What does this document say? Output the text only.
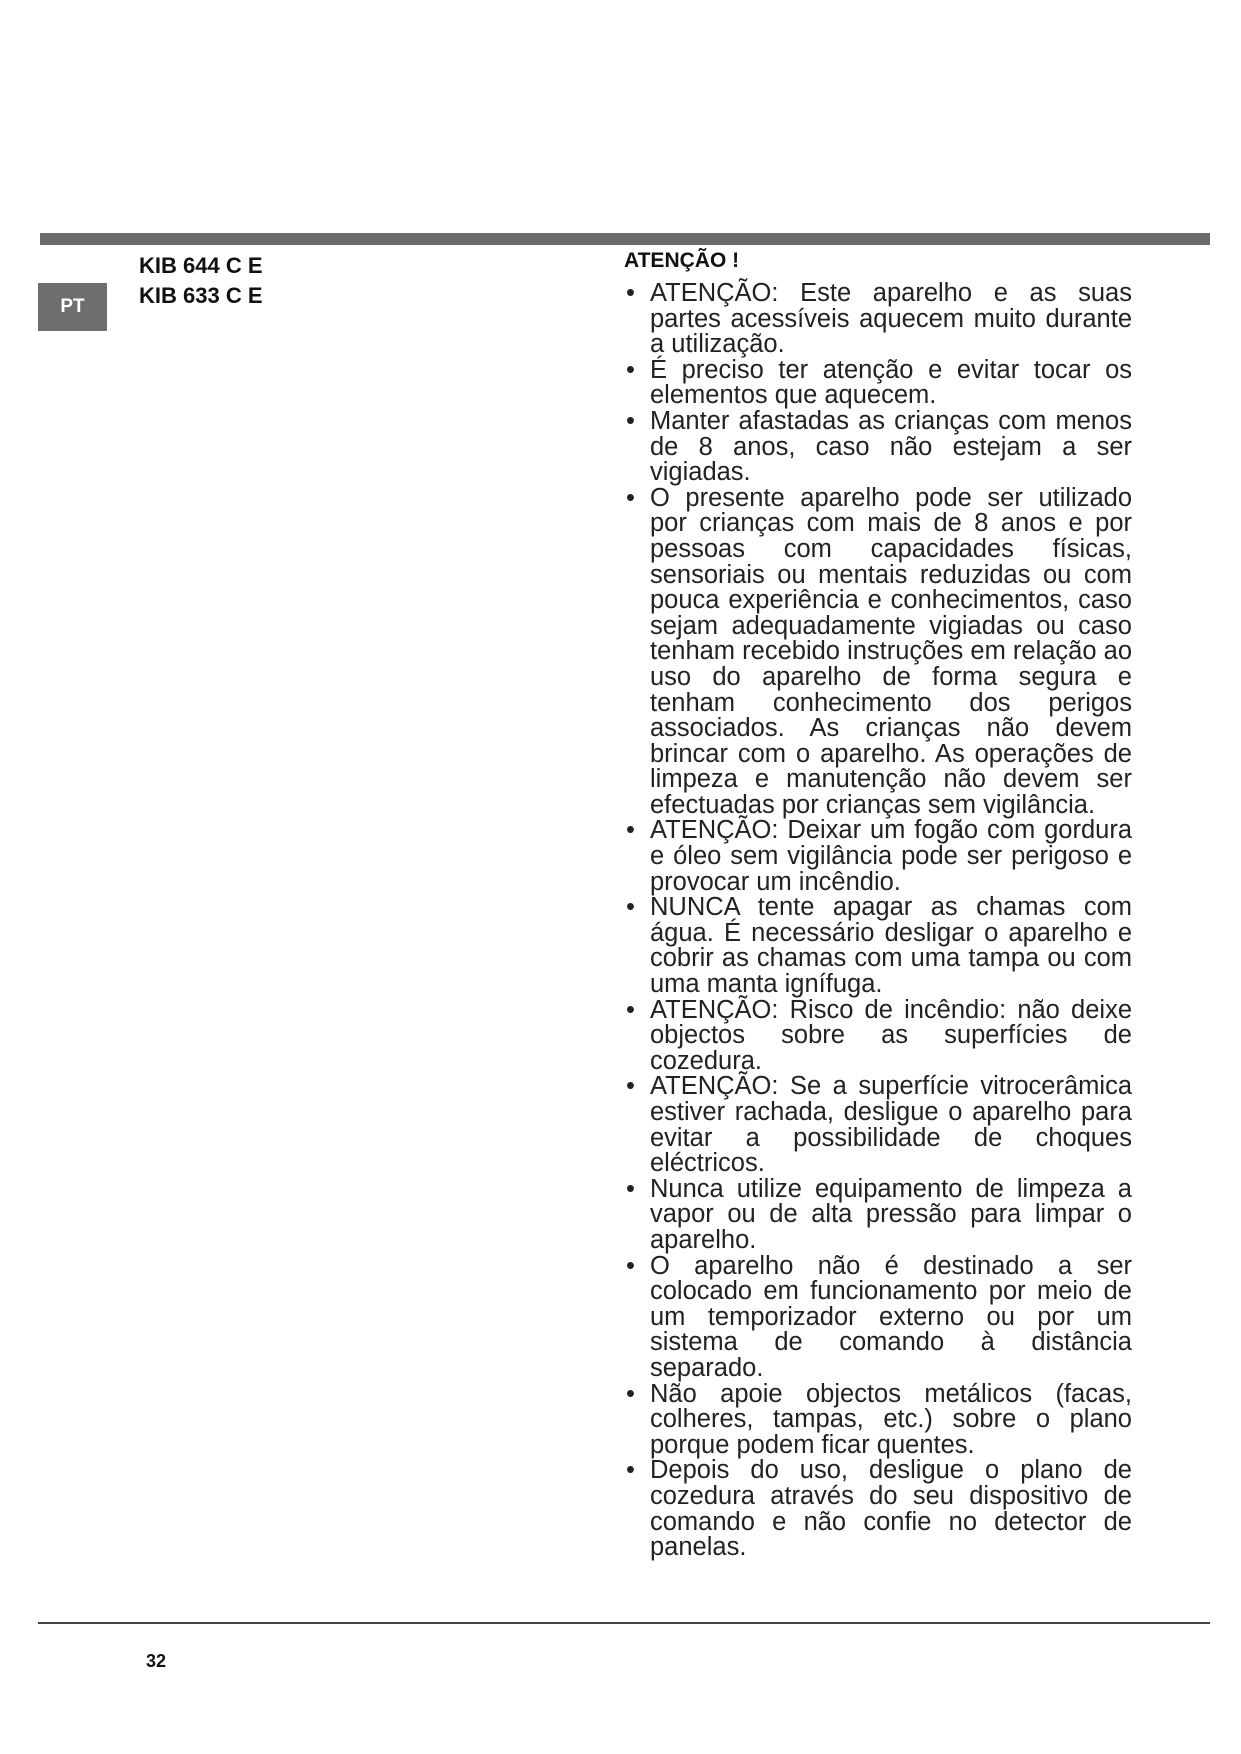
PT
KIB 644 C E
KIB 633 C E
ATENÇÃO !
• ATENÇÃO: Este aparelho e as suas partes acessíveis aquecem muito durante a utilização.
• É preciso ter atenção e evitar tocar os elementos que aquecem.
• Manter afastadas as crianças com menos de 8 anos, caso não estejam a ser vigiadas.
• O presente aparelho pode ser utilizado por crianças com mais de 8 anos e por pessoas com capacidades físicas, sensoriais ou mentais reduzidas ou com pouca experiência e conhecimentos, caso sejam adequadamente vigiadas ou caso tenham recebido instruções em relação ao uso do aparelho de forma segura e tenham conhecimento dos perigos associados. As crianças não devem brincar com o aparelho. As operações de limpeza e manutenção não devem ser efectuadas por crianças sem vigilância.
• ATENÇÃO: Deixar um fogão com gordura e óleo sem vigilância pode ser perigoso e provocar um incêndio.
• NUNCA tente apagar as chamas com água. É necessário desligar o aparelho e cobrir as chamas com uma tampa ou com uma manta ignífuga.
• ATENÇÃO: Risco de incêndio: não deixe objectos sobre as superfícies de cozedura.
• ATENÇÃO: Se a superfície vitrocerâmica estiver rachada, desligue o aparelho para evitar a possibilidade de choques eléctricos.
• Nunca utilize equipamento de limpeza a vapor ou de alta pressão para limpar o aparelho.
• O aparelho não é destinado a ser colocado em funcionamento por meio de um temporizador externo ou por um sistema de comando à distância separado.
• Não apoie objectos metálicos (facas, colheres, tampas, etc.) sobre o plano porque podem ficar quentes.
• Depois do uso, desligue o plano de cozedura através do seu dispositivo de comando e não confie no detector de panelas.
32
